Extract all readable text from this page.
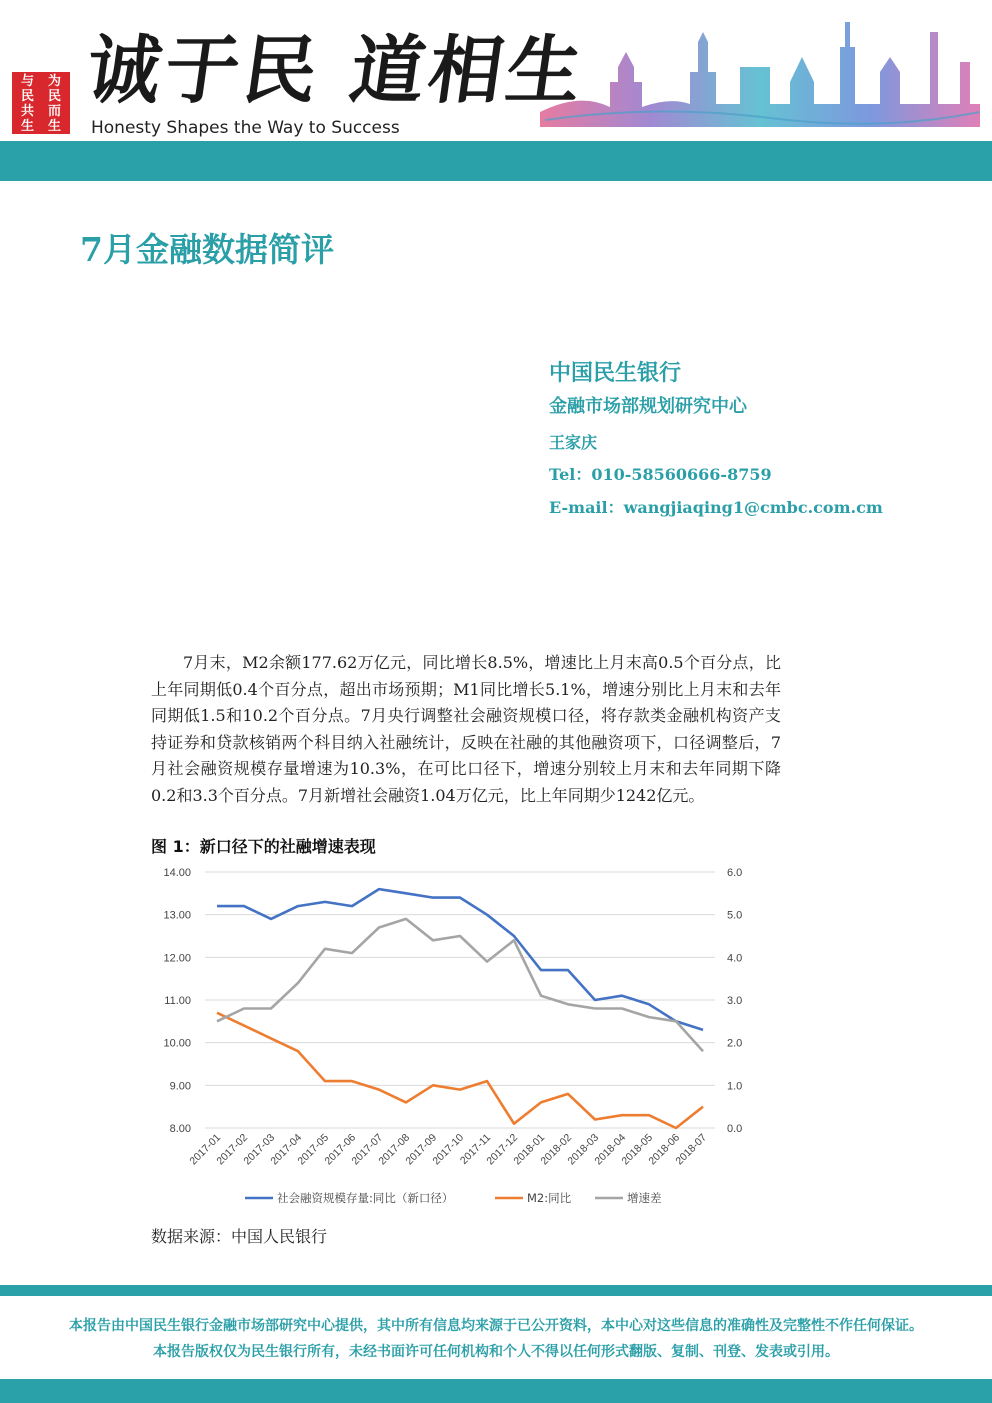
与	为
民	民
共	而
生	生
诚于民 道相生
Honesty Shapes the Way to Success
7月金融数据简评
中国民生银行
金融市场部规划研究中心
王家庆
Tel：010-58560666-8759
E-mail：wangjiaqing1@cmbc.com.cm
7月末，M2余额177.62万亿元，同比增长8.5%，增速比上月末高0.5个百分点，比上年同期低0.4个百分点，超出市场预期；M1同比增长5.1%，增速分别比上月末和去年同期低1.5和10.2个百分点。7月央行调整社会融资规模口径，将存款类金融机构资产支持证券和贷款核销两个科目纳入社融统计，反映在社融的其他融资项下，口径调整后，7月社会融资规模存量增速为10.3%，在可比口径下，增速分别较上月末和去年同期下降0.2和3.3个百分点。7月新增社会融资1.04万亿元，比上年同期少1242亿元。
图 1：新口径下的社融增速表现
8.00
9.00
10.00
11.00
12.00
13.00
14.00
0.0
1.0
2.0
3.0
4.0
5.0
6.0
2017-01
2017-02
2017-03
2017-04
2017-05
2017-06
2017-07
2017-08
2017-09
2017-10
2017-11
2017-12
2018-01
2018-02
2018-03
2018-04
2018-05
2018-06
2018-07
社会融资规模存量:同比（新口径）	M2:同比	增速差
数据来源：中国人民银行
本报告由中国民生银行金融市场部研究中心提供，其中所有信息均来源于已公开资料，本中心对这些信息的准确性及完整性不作任何保证。
本报告版权仅为民生银行所有，未经书面许可任何机构和个人不得以任何形式翻版、复制、刊登、发表或引用。
